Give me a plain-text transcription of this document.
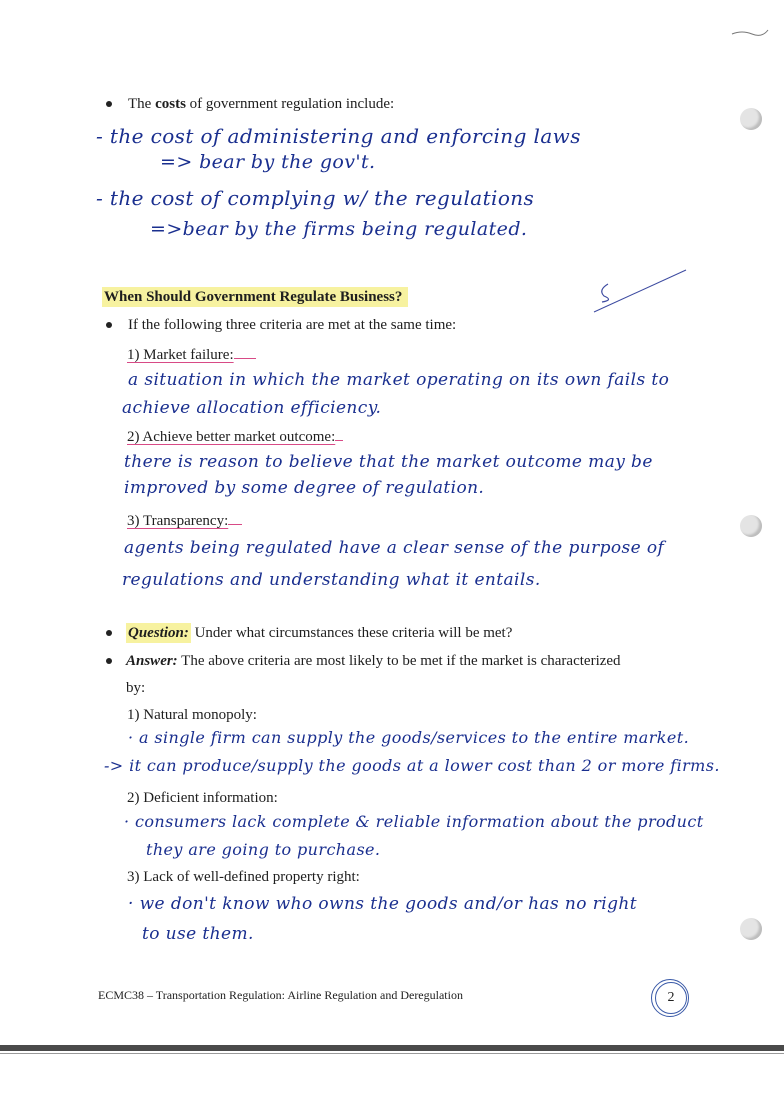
The costs of government regulation include:
- the cost of administering and enforcing laws
=> bear by the gov't.
- the cost of complying w/ the regulations
=>bear by the firms being regulated.
When Should Government Regulate Business?
If the following three criteria are met at the same time:
1) Market failure:
a situation in which the market operating on its own fails to
achieve allocation efficiency.
2) Achieve better market outcome:
there is reason to believe that the market outcome may be
improved by some degree of regulation.
3) Transparency:
agents being regulated have a clear sense of the purpose of
regulations and understanding what it entails.
Question: Under what circumstances these criteria will be met?
Answer: The above criteria are most likely to be met if the market is characterized
by:
1) Natural monopoly:
· a single firm can supply the goods/services to the entire market.
-> it can produce/supply the goods at a lower cost than 2 or more firms.
2) Deficient information:
· consumers lack complete & reliable information about the product
they are going to purchase.
3) Lack of well-defined property right:
· we don't know who owns the goods and/or has no right
to use them.
ECMC38 – Transportation Regulation: Airline Regulation and Deregulation	2
